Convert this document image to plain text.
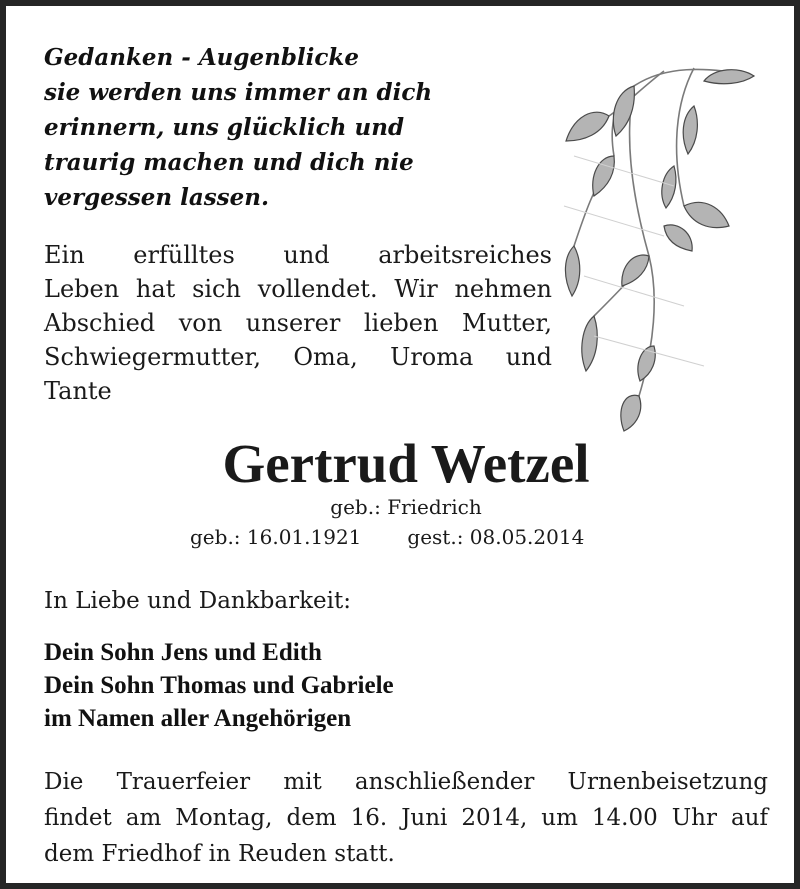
Gedanken - Augenblicke
sie werden uns immer an dich
erinnern, uns glücklich und
traurig machen und dich nie
vergessen lassen.
Ein erfülltes und arbeitsreiches
Leben hat sich vollendet. Wir nehmen
Abschied von unserer lieben Mutter,
Schwiegermutter, Oma, Uroma und
Tante
Gertrud Wetzel
geb.: Friedrich
geb.: 16.01.1921 gest.: 08.05.2014
In Liebe und Dankbarkeit:
Dein Sohn Jens und Edith
Dein Sohn Thomas und Gabriele
im Namen aller Angehörigen
Die Trauerfeier mit anschließender Urnenbeisetzung
findet am Montag, dem 16. Juni 2014, um 14.00 Uhr auf
dem Friedhof in Reuden statt.
